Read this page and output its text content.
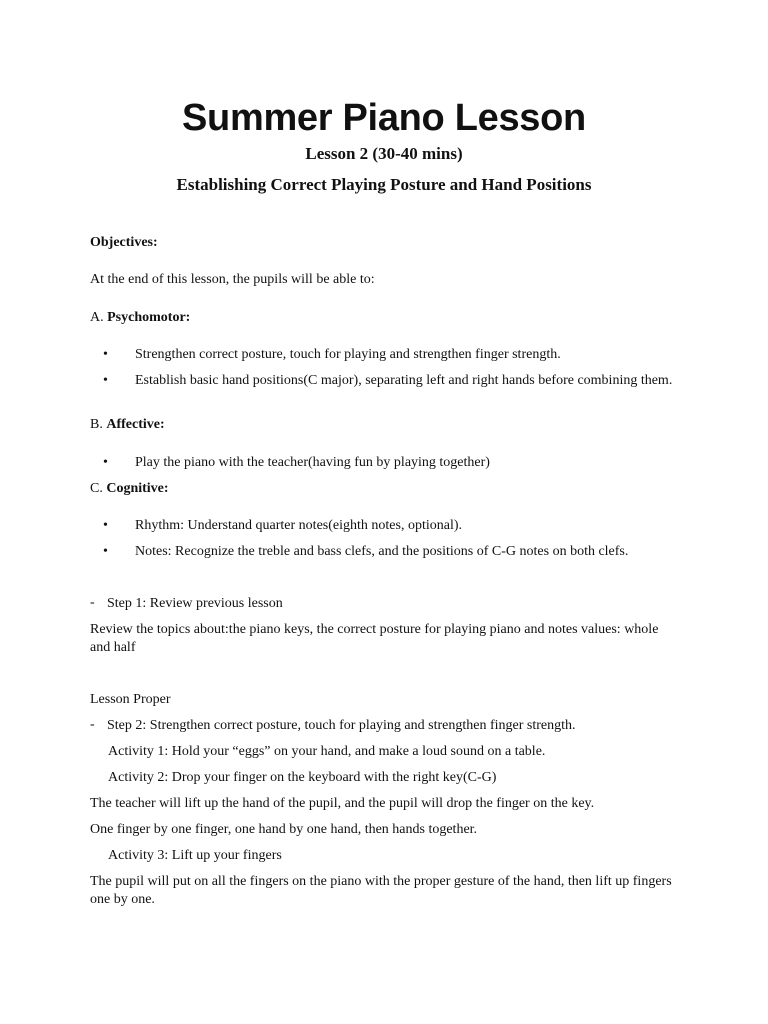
Summer Piano Lesson
Lesson 2 (30-40 mins)
Establishing Correct Playing Posture and Hand Positions
Objectives:
At the end of this lesson, the pupils will be able to:
A. Psychomotor:
• Strengthen correct posture, touch for playing and strengthen finger strength.
• Establish basic hand positions(C major), separating left and right hands before combining them.
B. Affective:
• Play the piano with the teacher(having fun by playing together)
C. Cognitive:
• Rhythm: Understand quarter notes(eighth notes, optional).
• Notes: Recognize the treble and bass clefs, and the positions of C-G notes on both clefs.
- Step 1: Review previous lesson
Review the topics about:the piano keys, the correct posture for playing piano and notes values: whole and half
Lesson Proper
- Step 2: Strengthen correct posture, touch for playing and strengthen finger strength.
Activity 1: Hold your “eggs” on your hand, and make a loud sound on a table.
Activity 2: Drop your finger on the keyboard with the right key(C-G)
The teacher will lift up the hand of the pupil, and the pupil will drop the finger on the key.
One finger by one finger, one hand by one hand, then hands together.
Activity 3: Lift up your fingers
The pupil will put on all the fingers on the piano with the proper gesture of the hand, then lift up fingers one by one.
